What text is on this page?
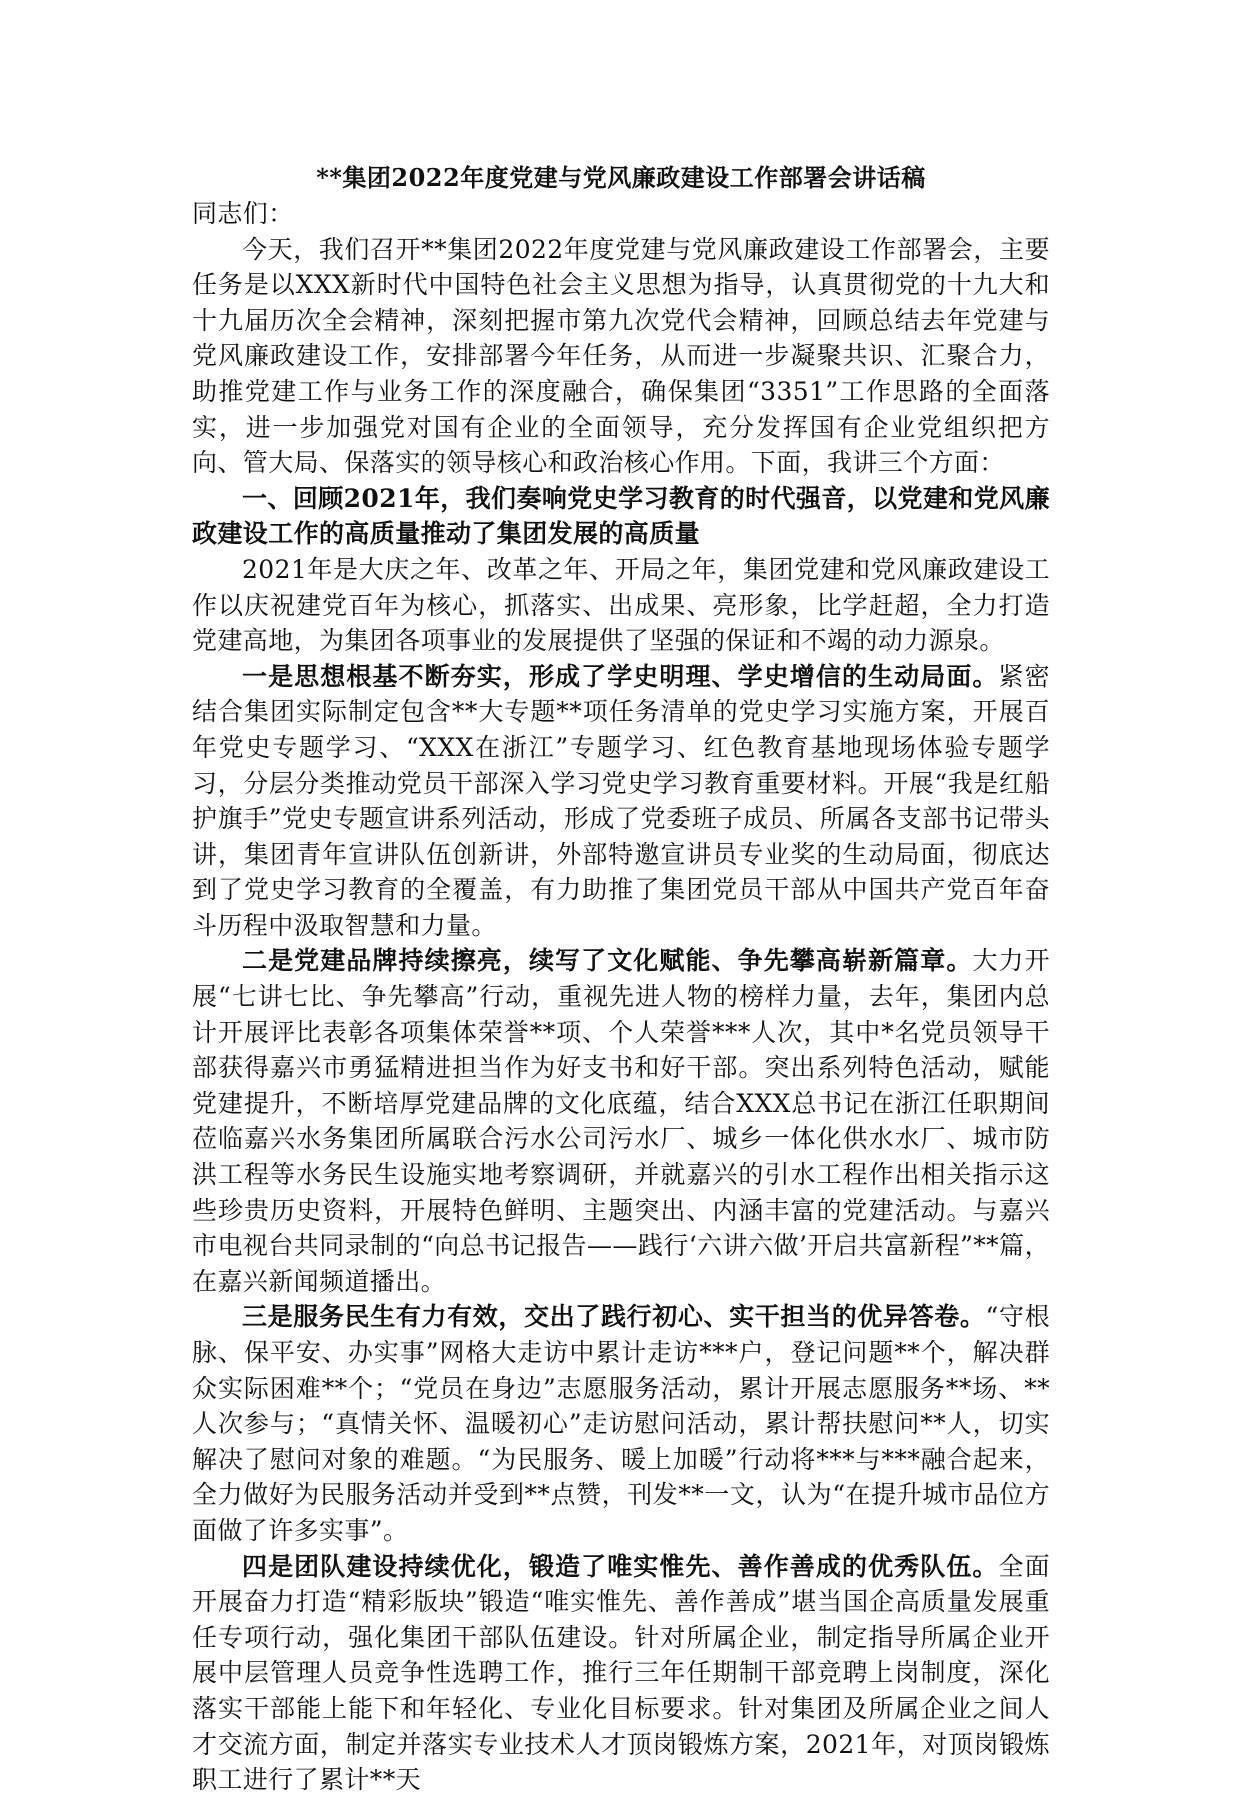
**集团2022年度党建与党风廉政建设工作部署会讲话稿

同志们：

今天，我们召开**集团2022年度党建与党风廉政建设工作部署会，主要任务是以XXX新时代中国特色社会主义思想为指导，认真贯彻党的十九大和十九届历次全会精神，深刻把握市第九次党代会精神，回顾总结去年党建与党风廉政建设工作，安排部署今年任务，从而进一步凝聚共识、汇聚合力，助推党建工作与业务工作的深度融合，确保集团“3351”工作思路的全面落实，进一步加强党对国有企业的全面领导，充分发挥国有企业党组织把方向、管大局、保落实的领导核心和政治核心作用。下面，我讲三个方面：

一、回顾2021年，我们奏响党史学习教育的时代强音，以党建和党风廉政建设工作的高质量推动了集团发展的高质量

2021年是大庆之年、改革之年、开局之年，集团党建和党风廉政建设工作以庆祝建党百年为核心，抓落实、出成果、亮形象，比学赶超，全力打造党建高地，为集团各项事业的发展提供了坚强的保证和不竭的动力源泉。

一是思想根基不断夯实，形成了学史明理、学史增信的生动局面。紧密结合集团实际制定包含**大专题**项任务清单的党史学习实施方案，开展百年党史专题学习、“XXX在浙江”专题学习、红色教育基地现场体验专题学习，分层分类推动党员干部深入学习党史学习教育重要材料。开展“我是红船护旗手”党史专题宣讲系列活动，形成了党委班子成员、所属各支部书记带头讲，集团青年宣讲队伍创新讲，外部特邀宣讲员专业奖的生动局面，彻底达到了党史学习教育的全覆盖，有力助推了集团党员干部从中国共产党百年奋斗历程中汲取智慧和力量。

二是党建品牌持续擦亮，续写了文化赋能、争先攀高崭新篇章。大力开展“七讲七比、争先攀高”行动，重视先进人物的榜样力量，去年，集团内总计开展评比表彰各项集体荣誉**项、个人荣誉***人次，其中*名党员领导干部获得嘉兴市勇猛精进担当作为好支书和好干部。突出系列特色活动，赋能党建提升，不断培厚党建品牌的文化底蕴，结合XXX总书记在浙江任职期间莅临嘉兴水务集团所属联合污水公司污水厂、城乡一体化供水水厂、城市防洪工程等水务民生设施实地考察调研，并就嘉兴的引水工程作出相关指示这些珍贵历史资料，开展特色鲜明、主题突出、内涵丰富的党建活动。与嘉兴市电视台共同录制的“向总书记报告——践行‘六讲六做’开启共富新程”**篇，在嘉兴新闻频道播出。

三是服务民生有力有效，交出了践行初心、实干担当的优异答卷。“守根脉、保平安、办实事”网格大走访中累计走访***户，登记问题**个，解决群众实际困难**个；“党员在身边”志愿服务活动，累计开展志愿服务**场、**人次参与；“真情关怀、温暖初心”走访慰问活动，累计帮扶慰问**人，切实解决了慰问对象的难题。“为民服务、暖上加暖”行动将***与***融合起来，全力做好为民服务活动并受到**点赞，刊发**一文，认为“在提升城市品位方面做了许多实事”。

四是团队建设持续优化，锻造了唯实惟先、善作善成的优秀队伍。全面开展奋力打造“精彩版块”锻造“唯实惟先、善作善成”堪当国企高质量发展重任专项行动，强化集团干部队伍建设。针对所属企业，制定指导所属企业开展中层管理人员竞争性选聘工作，推行三年任期制干部竞聘上岗制度，深化落实干部能上能下和年轻化、专业化目标要求。针对集团及所属企业之间人才交流方面，制定并落实专业技术人才顶岗锻炼方案，2021年，对顶岗锻炼职工进行了累计**天
